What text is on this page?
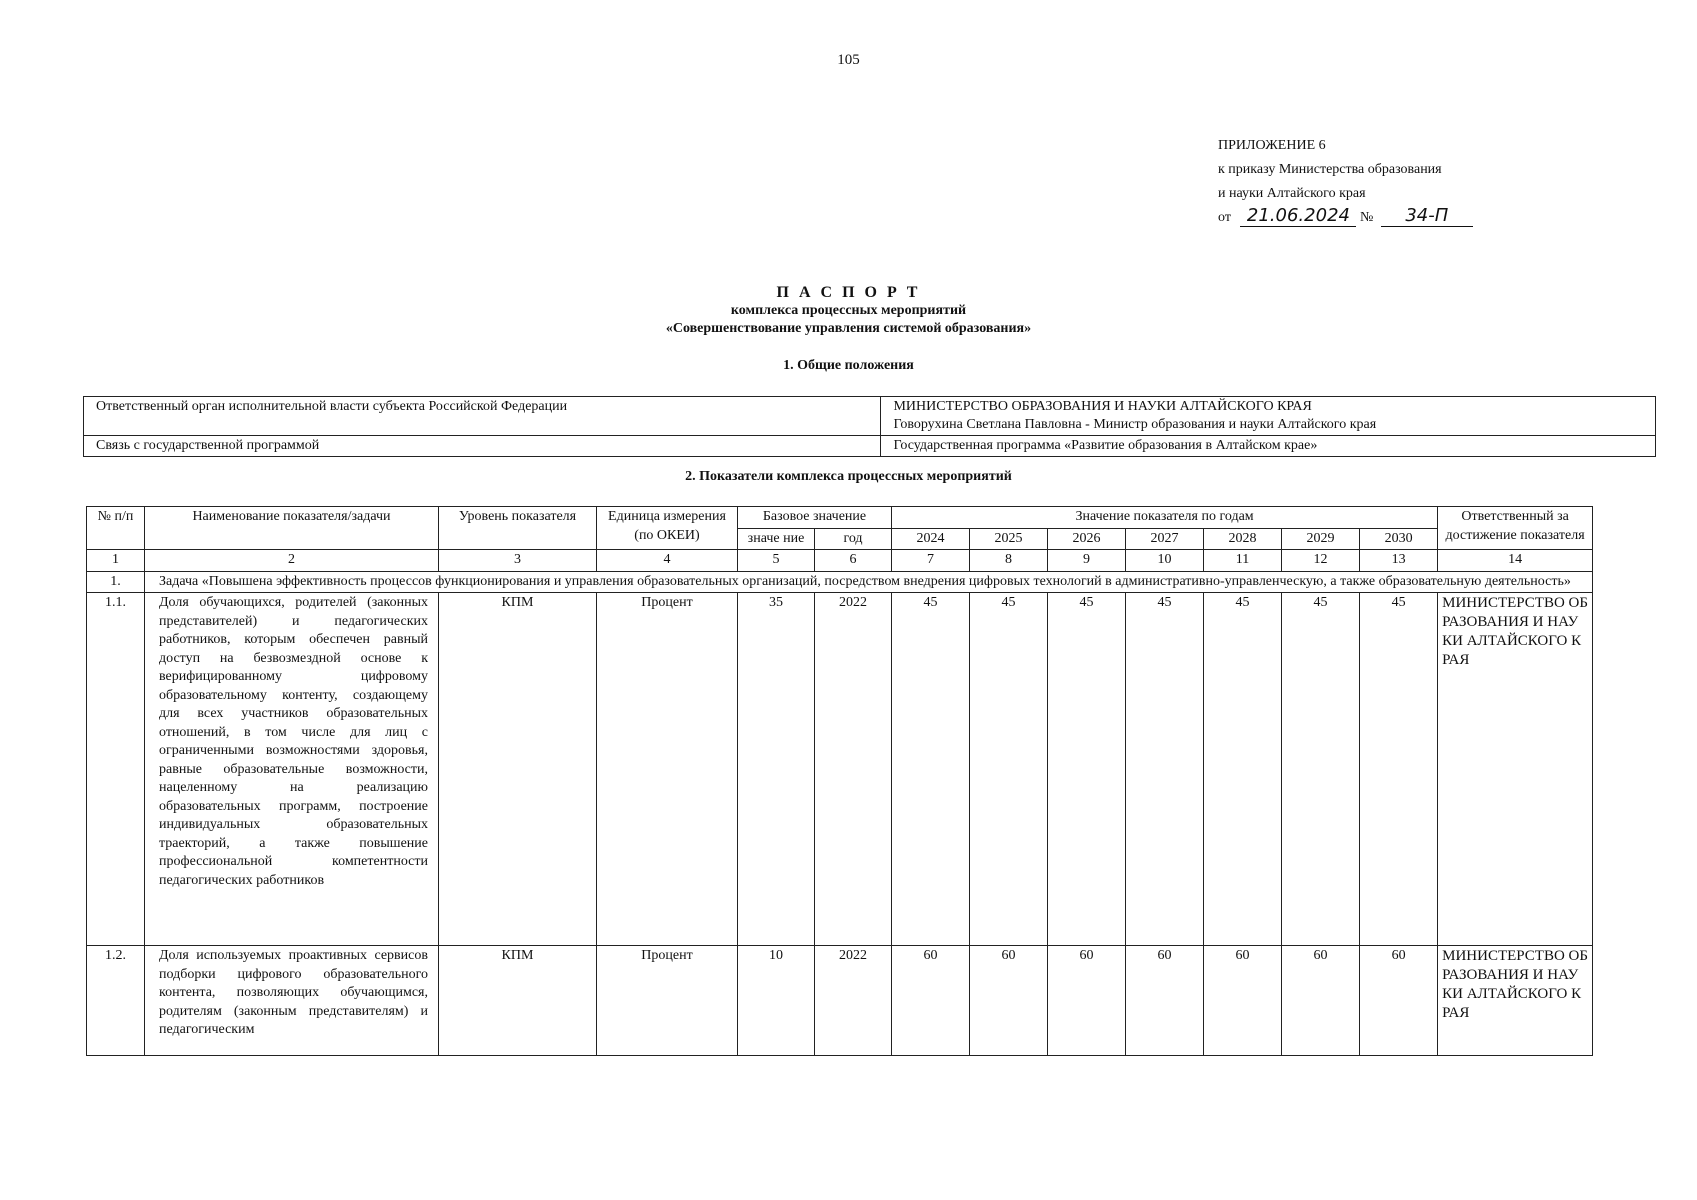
105
ПРИЛОЖЕНИЕ 6
к приказу Министерства образования
и науки Алтайского края
от 21.06.2024 № 34-П
П А С П О Р Т
комплекса процессных мероприятий
«Совершенствование управления системой образования»
1. Общие положения
Ответственный орган исполнительной власти субъекта Российской Федерации	МИНИСТЕРСТВО ОБРАЗОВАНИЯ И НАУКИ АЛТАЙСКОГО КРАЯ
Говорухина Светлана Павловна - Министр образования и науки Алтайского края

Связь с государственной программой	Государственная программа «Развитие образования в Алтайском крае»
2. Показатели комплекса процессных мероприятий
№ п/п	Наименование показателя/задачи	Уровень показателя	Единица измерения (по ОКЕИ)	Базовое значение		Значение показателя по годам							Ответственный за достижение показателя
				значе ние	год	2024	2025	2026	2027	2028	2029	2030	
1	2	3	4	5	6	7	8	9	10	11	12	13	14
1.	Задача «Повышена эффективность процессов функционирования и управления образовательных организаций, посредством внедрения цифровых технологий в административно-управленческую, а также образовательную деятельность»												
1.1.	Доля обучающихся, родителей (законных представителей) и педагогических работников, которым обеспечен равный доступ на безвозмездной основе к верифицированному цифровому образовательному контенту, создающему для всех участников образовательных отношений, в том числе для лиц с ограниченными возможностями здоровья, равные образовательные возможности, нацеленному на реализацию образовательных программ, построение индивидуальных образовательных траекторий, а также повышение профессиональной компетентности педагогических работников	КПМ	Процент	35	2022	45	45	45	45	45	45	45	МИНИСТЕРСТВО ОБРАЗОВАНИЯ И НАУКИ АЛТАЙСКОГО КРАЯ
1.2.	Доля используемых проактивных сервисов подборки цифрового образовательного контента, позволяющих обучающимся, родителям (законным представителям) и педагогическим	КПМ	Процент	10	2022	60	60	60	60	60	60	60	МИНИСТЕРСТВО ОБРАЗОВАНИЯ И НАУКИ АЛТАЙСКОГО КРАЯ
